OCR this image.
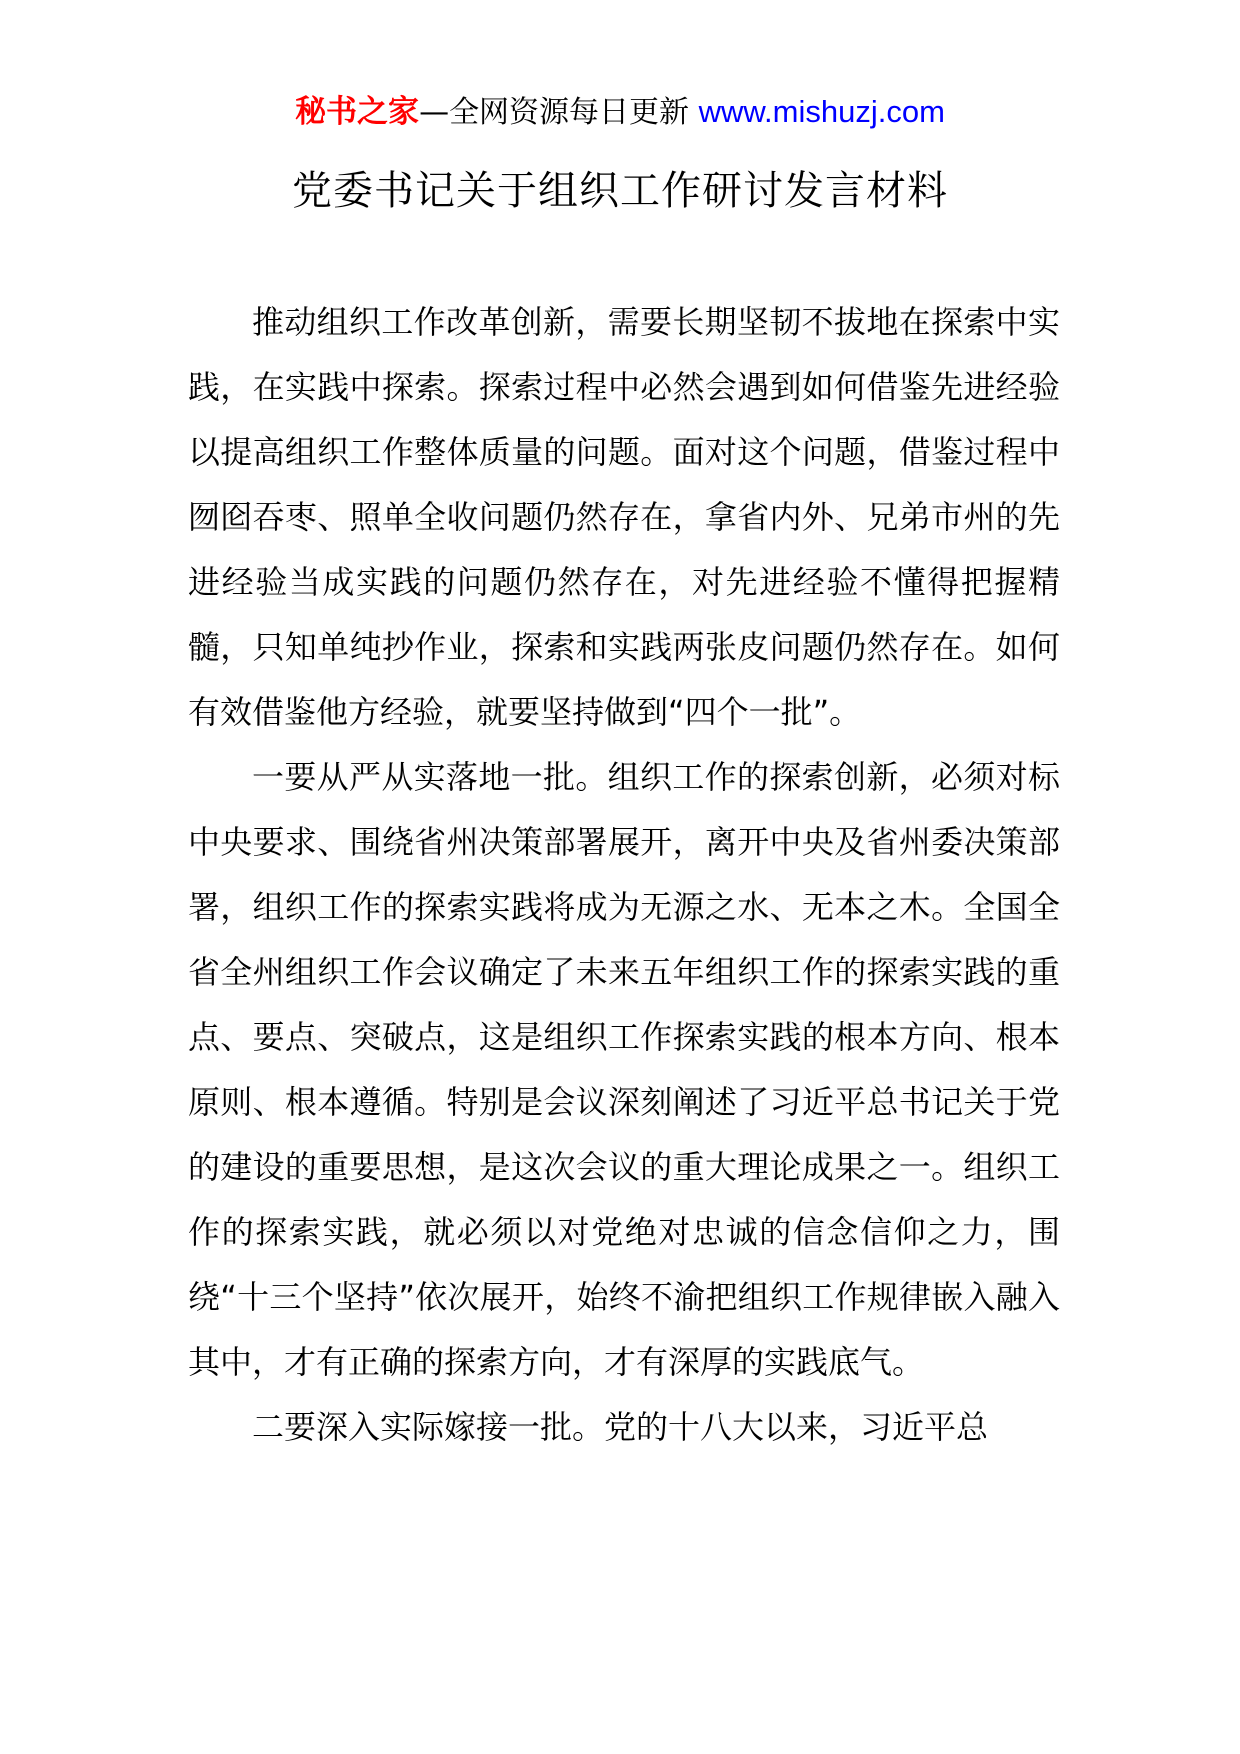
秘书之家—全网资源每日更新 www.mishuzj.com
党委书记关于组织工作研讨发言材料

推动组织工作改革创新，需要长期坚韧不拔地在探索中实践，在实践中探索。探索过程中必然会遇到如何借鉴先进经验以提高组织工作整体质量的问题。面对这个问题，借鉴过程中囫囵吞枣、照单全收问题仍然存在，拿省内外、兄弟市州的先进经验当成实践的问题仍然存在，对先进经验不懂得把握精髓，只知单纯抄作业，探索和实践两张皮问题仍然存在。如何有效借鉴他方经验，就要坚持做到“四个一批”。

一要从严从实落地一批。组织工作的探索创新，必须对标中央要求、围绕省州决策部署展开，离开中央及省州委决策部署，组织工作的探索实践将成为无源之水、无本之木。全国全省全州组织工作会议确定了未来五年组织工作的探索实践的重点、要点、突破点，这是组织工作探索实践的根本方向、根本原则、根本遵循。特别是会议深刻阐述了习近平总书记关于党的建设的重要思想，是这次会议的重大理论成果之一。组织工作的探索实践，就必须以对党绝对忠诚的信念信仰之力，围绕“十三个坚持”依次展开，始终不渝把组织工作规律嵌入融入其中，才有正确的探索方向，才有深厚的实践底气。

二要深入实际嫁接一批。党的十八大以来，习近平总
